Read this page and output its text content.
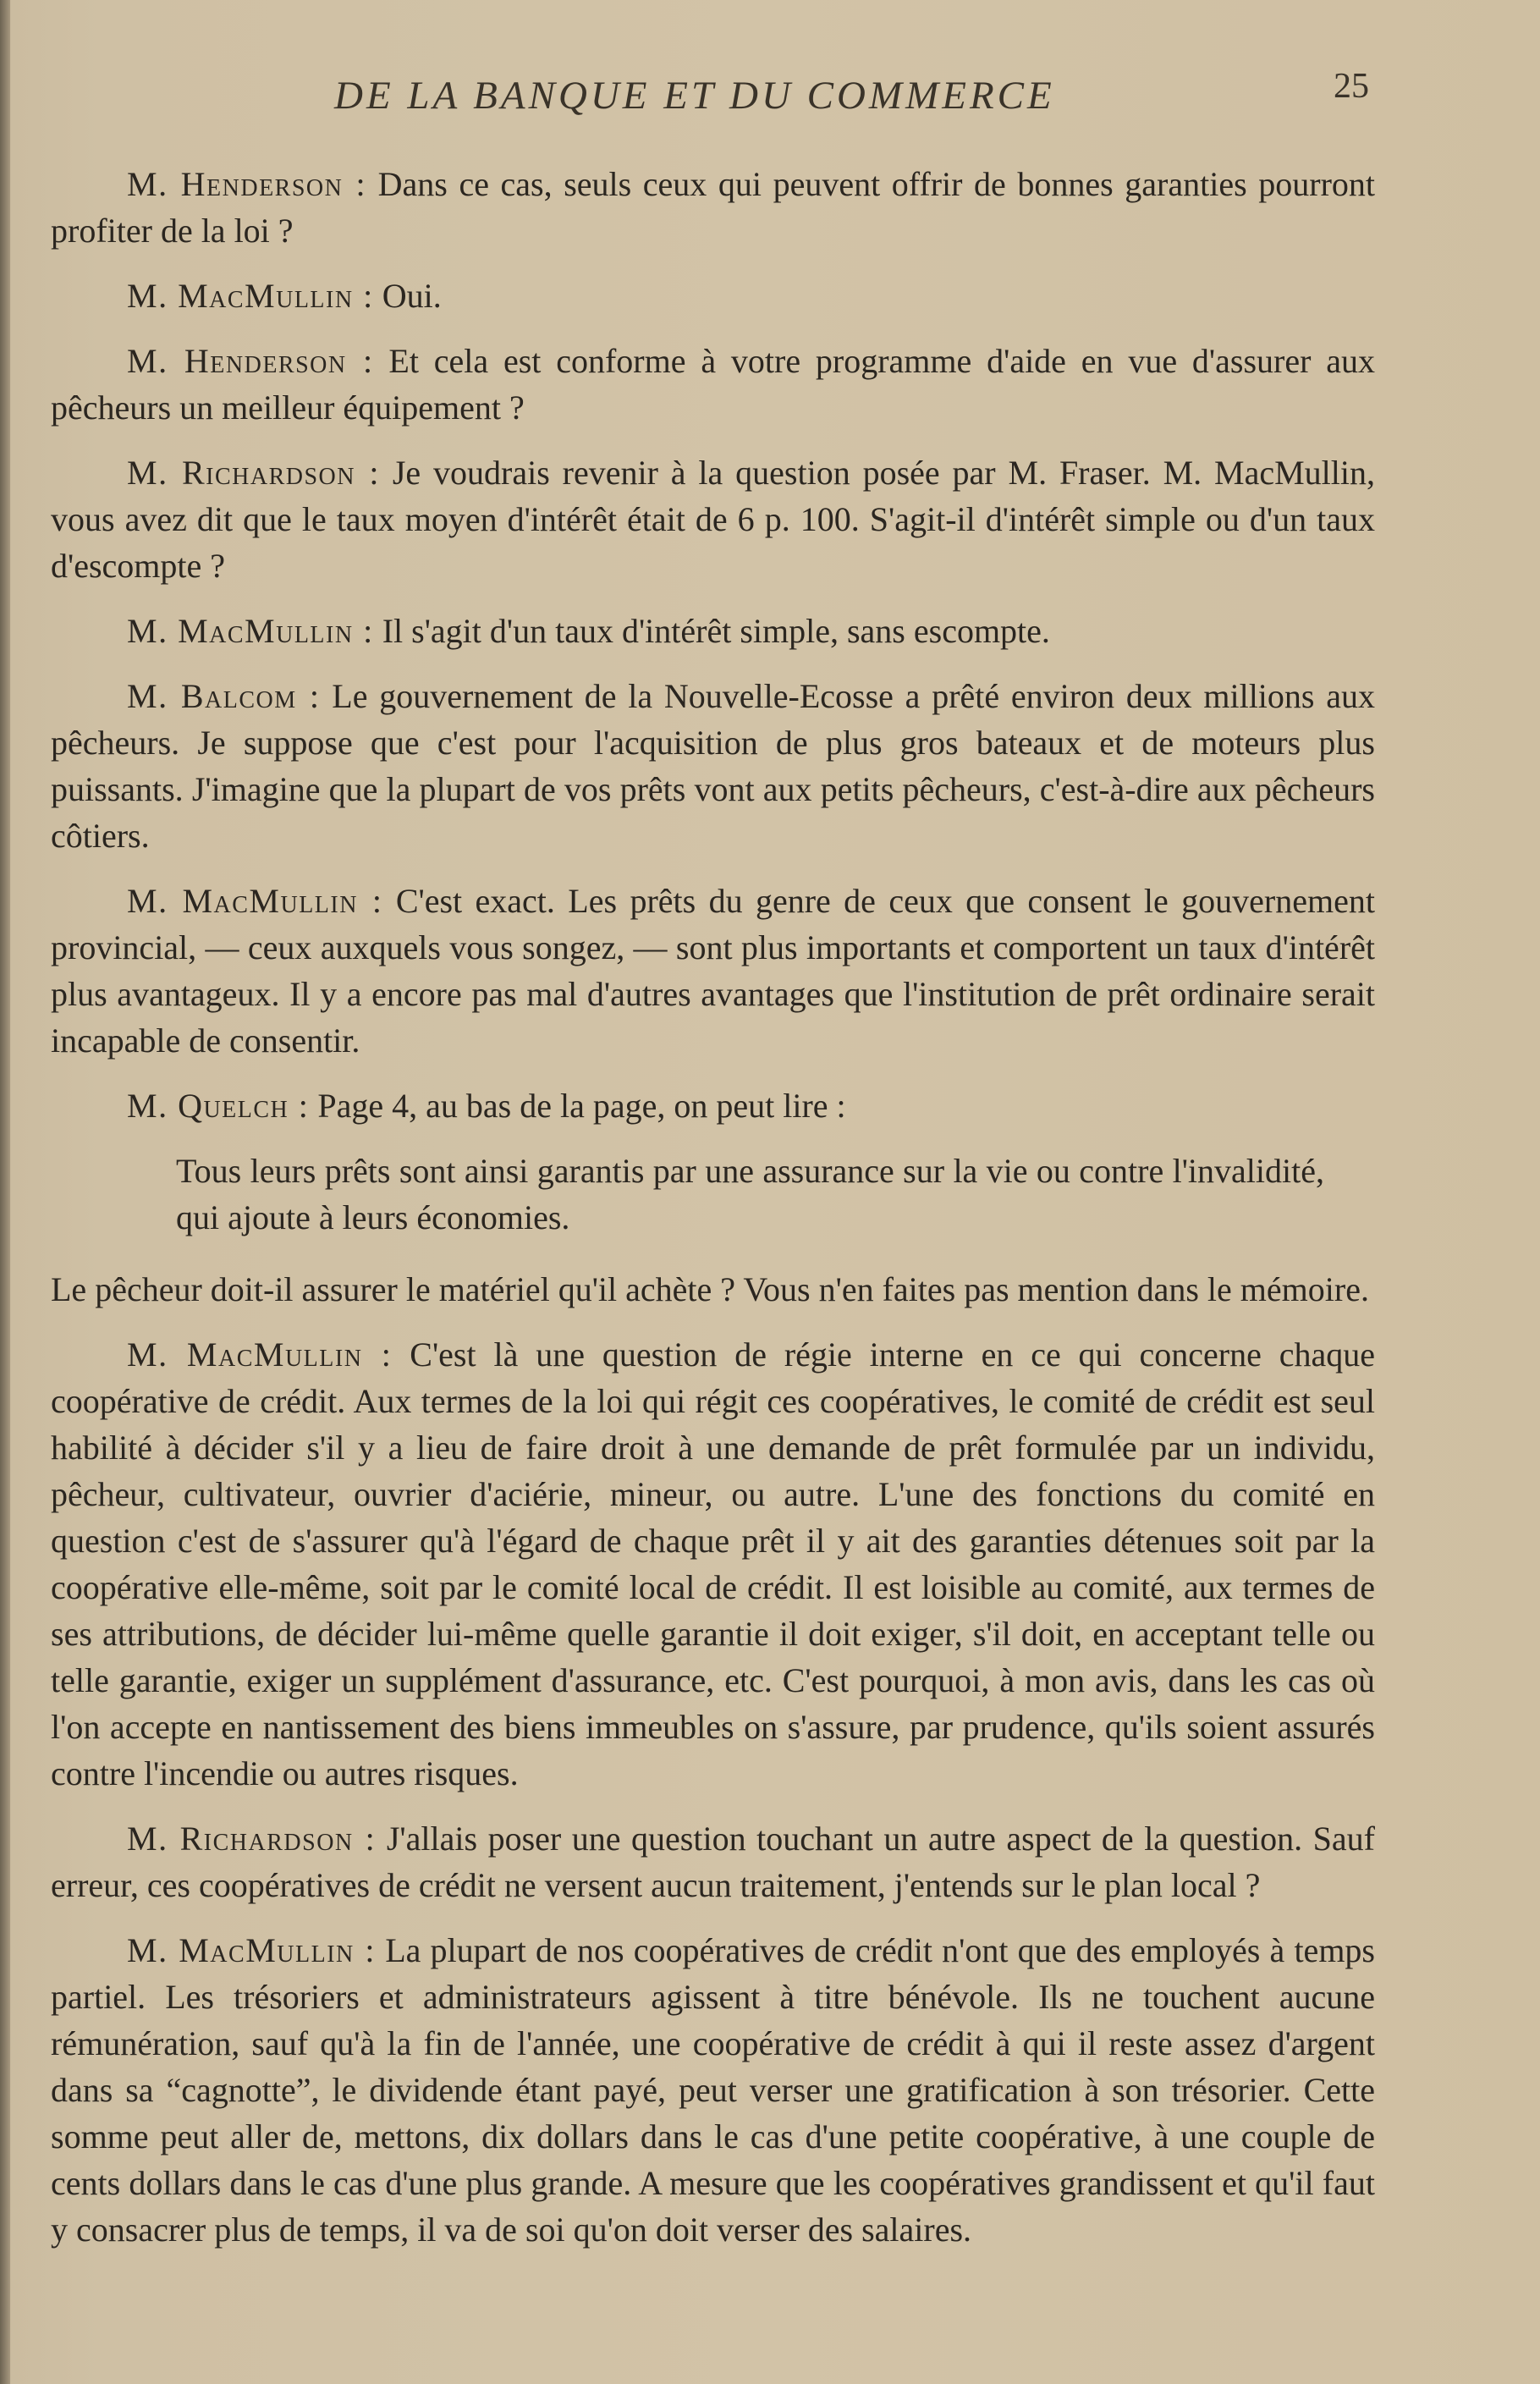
DE LA BANQUE ET DU COMMERCE	25

M. Henderson : Dans ce cas, seuls ceux qui peuvent offrir de bonnes garanties pourront profiter de la loi ?

M. MacMullin : Oui.

M. Henderson : Et cela est conforme à votre programme d'aide en vue d'assurer aux pêcheurs un meilleur équipement ?

M. Richardson : Je voudrais revenir à la question posée par M. Fraser. M. MacMullin, vous avez dit que le taux moyen d'intérêt était de 6 p. 100. S'agit-il d'intérêt simple ou d'un taux d'escompte ?

M. MacMullin : Il s'agit d'un taux d'intérêt simple, sans escompte.

M. Balcom : Le gouvernement de la Nouvelle-Ecosse a prêté environ deux millions aux pêcheurs. Je suppose que c'est pour l'acquisition de plus gros bateaux et de moteurs plus puissants. J'imagine que la plupart de vos prêts vont aux petits pêcheurs, c'est-à-dire aux pêcheurs côtiers.

M. MacMullin : C'est exact. Les prêts du genre de ceux que consent le gouvernement provincial, — ceux auxquels vous songez, — sont plus importants et comportent un taux d'intérêt plus avantageux. Il y a encore pas mal d'autres avantages que l'institution de prêt ordinaire serait incapable de consentir.

M. Quelch : Page 4, au bas de la page, on peut lire :

Tous leurs prêts sont ainsi garantis par une assurance sur la vie ou contre l'invalidité, qui ajoute à leurs économies.

Le pêcheur doit-il assurer le matériel qu'il achète ? Vous n'en faites pas mention dans le mémoire.

M. MacMullin : C'est là une question de régie interne en ce qui concerne chaque coopérative de crédit. Aux termes de la loi qui régit ces coopératives, le comité de crédit est seul habilité à décider s'il y a lieu de faire droit à une demande de prêt formulée par un individu, pêcheur, cultivateur, ouvrier d'aciérie, mineur, ou autre. L'une des fonctions du comité en question c'est de s'assurer qu'à l'égard de chaque prêt il y ait des garanties détenues soit par la coopérative elle-même, soit par le comité local de crédit. Il est loisible au comité, aux termes de ses attributions, de décider lui-même quelle garantie il doit exiger, s'il doit, en acceptant telle ou telle garantie, exiger un supplément d'assurance, etc. C'est pourquoi, à mon avis, dans les cas où l'on accepte en nantissement des biens immeubles on s'assure, par prudence, qu'ils soient assurés contre l'incendie ou autres risques.

M. Richardson : J'allais poser une question touchant un autre aspect de la question. Sauf erreur, ces coopératives de crédit ne versent aucun traitement, j'entends sur le plan local ?

M. MacMullin : La plupart de nos coopératives de crédit n'ont que des employés à temps partiel. Les trésoriers et administrateurs agissent à titre bénévole. Ils ne touchent aucune rémunération, sauf qu'à la fin de l'année, une coopérative de crédit à qui il reste assez d'argent dans sa “cagnotte”, le dividende étant payé, peut verser une gratification à son trésorier. Cette somme peut aller de, mettons, dix dollars dans le cas d'une petite coopérative, à une couple de cents dollars dans le cas d'une plus grande. A mesure que les coopératives grandissent et qu'il faut y consacrer plus de temps, il va de soi qu'on doit verser des salaires.
